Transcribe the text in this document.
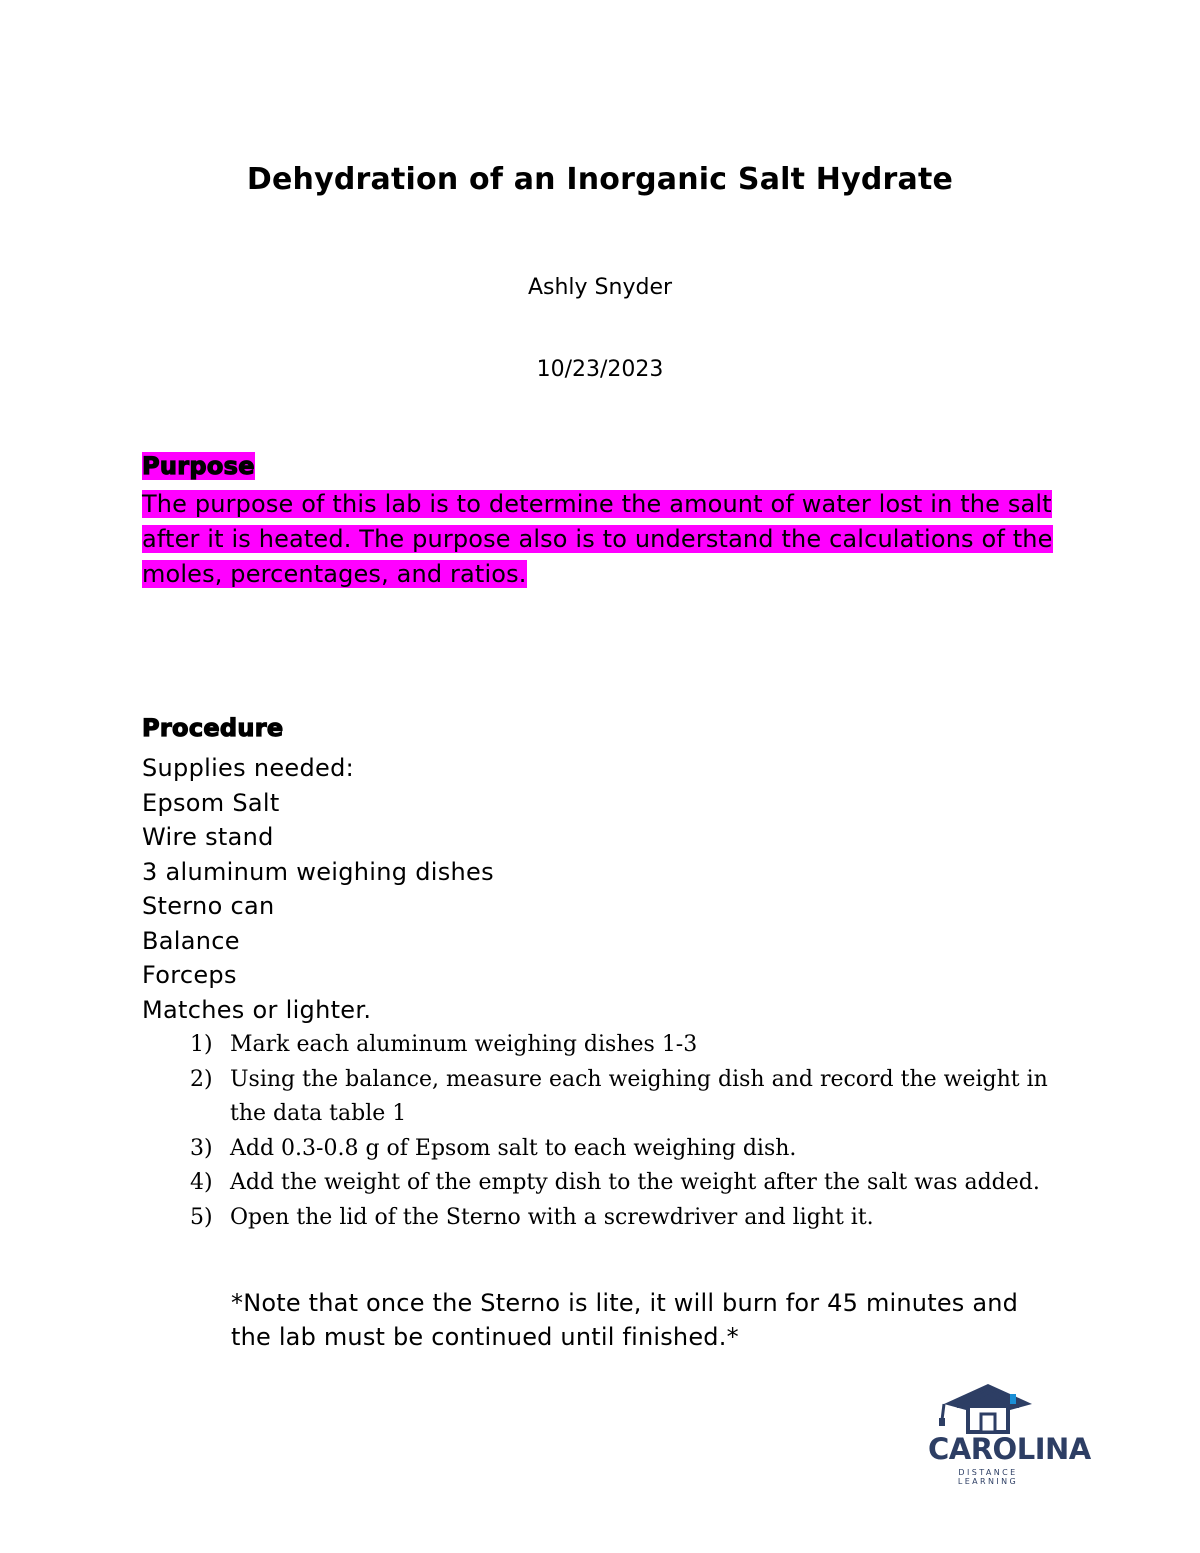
Dehydration of an Inorganic Salt Hydrate
Ashly Snyder
10/23/2023
Purpose
The purpose of this lab is to determine the amount of water lost in the salt after it is heated. The purpose also is to understand the calculations of the moles, percentages, and ratios.
Procedure
Supplies needed:
Epsom Salt
Wire stand
3 aluminum weighing dishes
Sterno can
Balance
Forceps
Matches or lighter.
1) Mark each aluminum weighing dishes 1-3
2) Using the balance, measure each weighing dish and record the weight in the data table 1
3) Add 0.3-0.8 g of Epsom salt to each weighing dish.
4) Add the weight of the empty dish to the weight after the salt was added.
5) Open the lid of the Sterno with a screwdriver and light it.
*Note that once the Sterno is lite, it will burn for 45 minutes and the lab must be continued until finished.*
CAROLINA
DISTANCE LEARNING
